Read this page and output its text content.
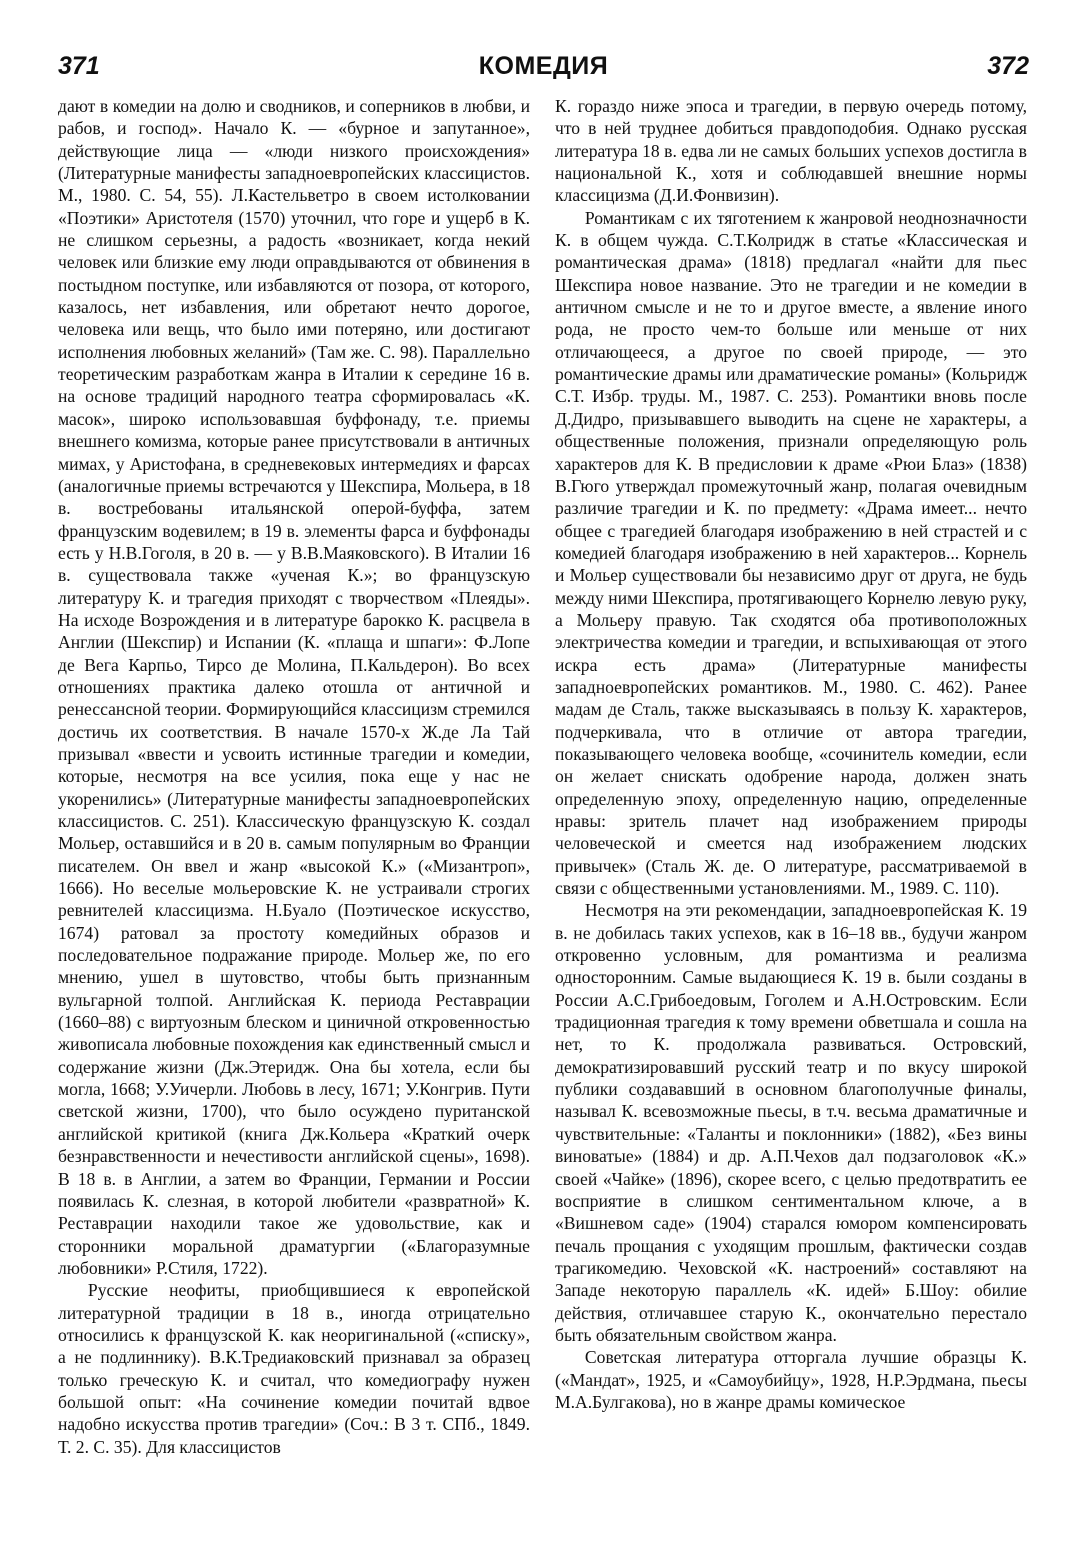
371	КОМЕДИЯ	372

дают в комедии на долю и сводников, и соперников в любви, и рабов, и господ». Начало К. — «бурное и запутанное», действующие лица — «люди низкого происхождения» (Литературные манифесты западноевропейских классицистов. М., 1980. С. 54, 55). Л.Кастельветро в своем истолковании «Поэтики» Аристотеля (1570) уточнил, что горе и ущерб в К. не слишком серьезны, а радость «возникает, когда некий человек или близкие ему люди оправдываются от обвинения в постыдном поступке, или избавляются от позора, от которого, казалось, нет избавления, или обретают нечто дорогое, человека или вещь, что было ими потеряно, или достигают исполнения любовных желаний» (Там же. С. 98). Параллельно теоретическим разработкам жанра в Италии к середине 16 в. на основе традиций народного театра сформировалась «К. масок», широко использовавшая буффонаду, т.е. приемы внешнего комизма, которые ранее присутствовали в античных мимах, у Аристофана, в средневековых интермедиях и фарсах (аналогичные приемы встречаются у Шекспира, Мольера, в 18 в. востребованы итальянской оперой-буффа, затем французским водевилем; в 19 в. элементы фарса и буффонады есть у Н.В.Гоголя, в 20 в. — у В.В.Маяковского). В Италии 16 в. существовала также «ученая К.»; во французскую литературу К. и трагедия приходят с творчеством «Плеяды». На исходе Возрождения и в литературе барокко К. расцвела в Англии (Шекспир) и Испании (К. «плаща и шпаги»: Ф.Лопе де Вега Карпьо, Тирсо де Молина, П.Кальдерон). Во всех отношениях практика далеко отошла от античной и ренессансной теории. Формирующийся классицизм стремился достичь их соответствия. В начале 1570-х Ж.де Ла Тай призывал «ввести и усвоить истинные трагедии и комедии, которые, несмотря на все усилия, пока еще у нас не укоренились» (Литературные манифесты западноевропейских классицистов. С. 251). Классическую французскую К. создал Мольер, оставшийся и в 20 в. самым популярным во Франции писателем. Он ввел и жанр «высокой К.» («Мизантроп», 1666). Но веселые мольеровские К. не устраивали строгих ревнителей классицизма. Н.Буало (Поэтическое искусство, 1674) ратовал за простоту комедийных образов и последовательное подражание природе. Мольер же, по его мнению, ушел в шутовство, чтобы быть признанным вульгарной толпой. Английская К. периода Реставрации (1660–88) с виртуозным блеском и циничной откровенностью живописала любовные похождения как единственный смысл и содержание жизни (Дж.Этеридж. Она бы хотела, если бы могла, 1668; У.Уичерли. Любовь в лесу, 1671; У.Конгрив. Пути светской жизни, 1700), что было осуждено пуританской английской критикой (книга Дж.Кольера «Краткий очерк безнравственности и нечестивости английской сцены», 1698). В 18 в. в Англии, а затем во Франции, Германии и России появилась К. слезная, в которой любители «развратной» К. Реставрации находили такое же удовольствие, как и сторонники моральной драматургии («Благоразумные любовники» Р.Стиля, 1722).

Русские неофиты, приобщившиеся к европейской литературной традиции в 18 в., иногда отрицательно относились к французской К. как неоригинальной («списку», а не подлиннику). В.К.Тредиаковский признавал за образец только греческую К. и считал, что комедиографу нужен большой опыт: «На сочинение комедии почитай вдвое надобно искусства против трагедии» (Соч.: В 3 т. СПб., 1849. Т. 2. С. 35). Для классицистов

К. гораздо ниже эпоса и трагедии, в первую очередь потому, что в ней труднее добиться правдоподобия. Однако русская литература 18 в. едва ли не самых больших успехов достигла в национальной К., хотя и соблюдавшей внешние нормы классицизма (Д.И.Фонвизин).

Романтикам с их тяготением к жанровой неоднозначности К. в общем чужда. С.Т.Колридж в статье «Классическая и романтическая драма» (1818) предлагал «найти для пьес Шекспира новое название. Это не трагедии и не комедии в античном смысле и не то и другое вместе, а явление иного рода, не просто чем-то больше или меньше от них отличающееся, а другое по своей природе, — это романтические драмы или драматические романы» (Кольридж С.Т. Избр. труды. М., 1987. С. 253). Романтики вновь после Д.Дидро, призывавшего выводить на сцене не характеры, а общественные положения, признали определяющую роль характеров для К. В предисловии к драме «Рюи Блаз» (1838) В.Гюго утверждал промежуточный жанр, полагая очевидным различие трагедии и К. по предмету: «Драма имеет... нечто общее с трагедией благодаря изображению в ней страстей и с комедией благодаря изображению в ней характеров... Корнель и Мольер существовали бы независимо друг от друга, не будь между ними Шекспира, протягивающего Корнелю левую руку, а Мольеру правую. Так сходятся оба противоположных электричества комедии и трагедии, и вспыхивающая от этого искра есть драма» (Литературные манифесты западноевропейских романтиков. М., 1980. С. 462). Ранее мадам де Сталь, также высказываясь в пользу К. характеров, подчеркивала, что в отличие от автора трагедии, показывающего человека вообще, «сочинитель комедии, если он желает снискать одобрение народа, должен знать определенную эпоху, определенную нацию, определенные нравы: зритель плачет над изображением природы человеческой и смеется над изображением людских привычек» (Сталь Ж. де. О литературе, рассматриваемой в связи с общественными установлениями. М., 1989. С. 110).

Несмотря на эти рекомендации, западноевропейская К. 19 в. не добилась таких успехов, как в 16–18 вв., будучи жанром откровенно условным, для романтизма и реализма односторонним. Самые выдающиеся К. 19 в. были созданы в России А.С.Грибоедовым, Гоголем и А.Н.Островским. Если традиционная трагедия к тому времени обветшала и сошла на нет, то К. продолжала развиваться. Островский, демократизировавший русский театр и по вкусу широкой публики создававший в основном благополучные финалы, называл К. всевозможные пьесы, в т.ч. весьма драматичные и чувствительные: «Таланты и поклонники» (1882), «Без вины виноватые» (1884) и др. А.П.Чехов дал подзаголовок «К.» своей «Чайке» (1896), скорее всего, с целью предотвратить ее восприятие в слишком сентиментальном ключе, а в «Вишневом саде» (1904) старался юмором компенсировать печаль прощания с уходящим прошлым, фактически создав трагикомедию. Чеховской «К. настроений» составляют на Западе некоторую параллель «К. идей» Б.Шоу: обилие действия, отличавшее старую К., окончательно перестало быть обязательным свойством жанра.

Советская литература отторгала лучшие образцы К. («Мандат», 1925, и «Самоубийцу», 1928, Н.Р.Эрдмана, пьесы М.А.Булгакова), но в жанре драмы комическое
